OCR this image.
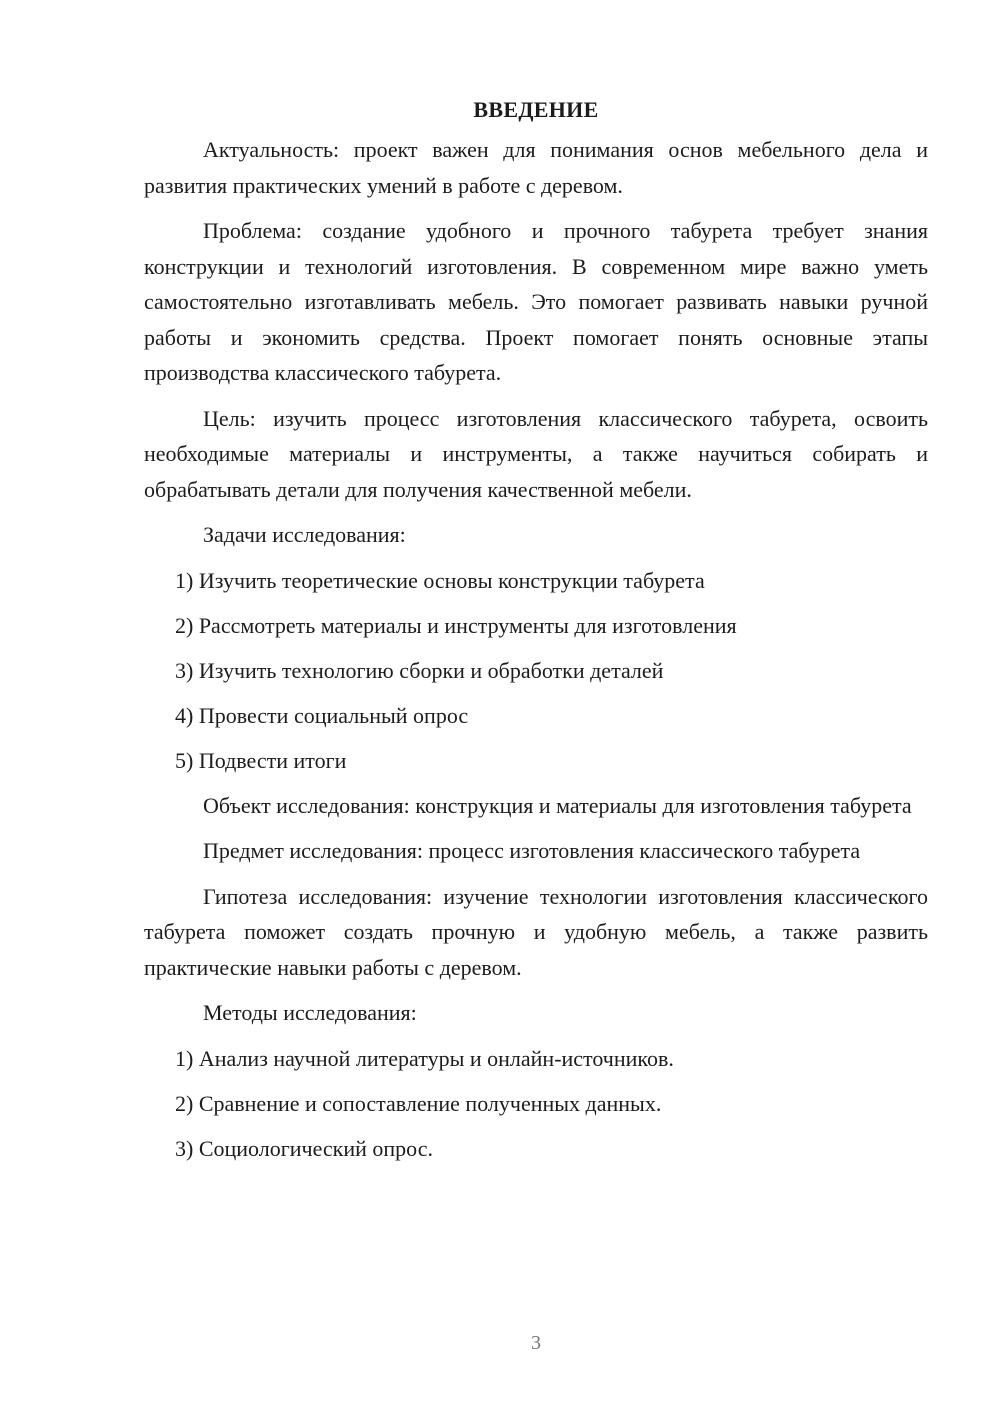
ВВЕДЕНИЕ

Актуальность: проект важен для понимания основ мебельного дела и развития практических умений в работе с деревом.

Проблема: создание удобного и прочного табурета требует знания конструкции и технологий изготовления. В современном мире важно уметь самостоятельно изготавливать мебель. Это помогает развивать навыки ручной работы и экономить средства. Проект помогает понять основные этапы производства классического табурета.

Цель: изучить процесс изготовления классического табурета, освоить необходимые материалы и инструменты, а также научиться собирать и обрабатывать детали для получения качественной мебели.

Задачи исследования:

1) Изучить теоретические основы конструкции табурета
2) Рассмотреть материалы и инструменты для изготовления
3) Изучить технологию сборки и обработки деталей
4) Провести социальный опрос
5) Подвести итоги

Объект исследования: конструкция и материалы для изготовления табурета

Предмет исследования: процесс изготовления классического табурета

Гипотеза исследования: изучение технологии изготовления классического табурета поможет создать прочную и удобную мебель, а также развить практические навыки работы с деревом.

Методы исследования:

1) Анализ научной литературы и онлайн-источников.
2) Сравнение и сопоставление полученных данных.
3) Социологический опрос.
3
